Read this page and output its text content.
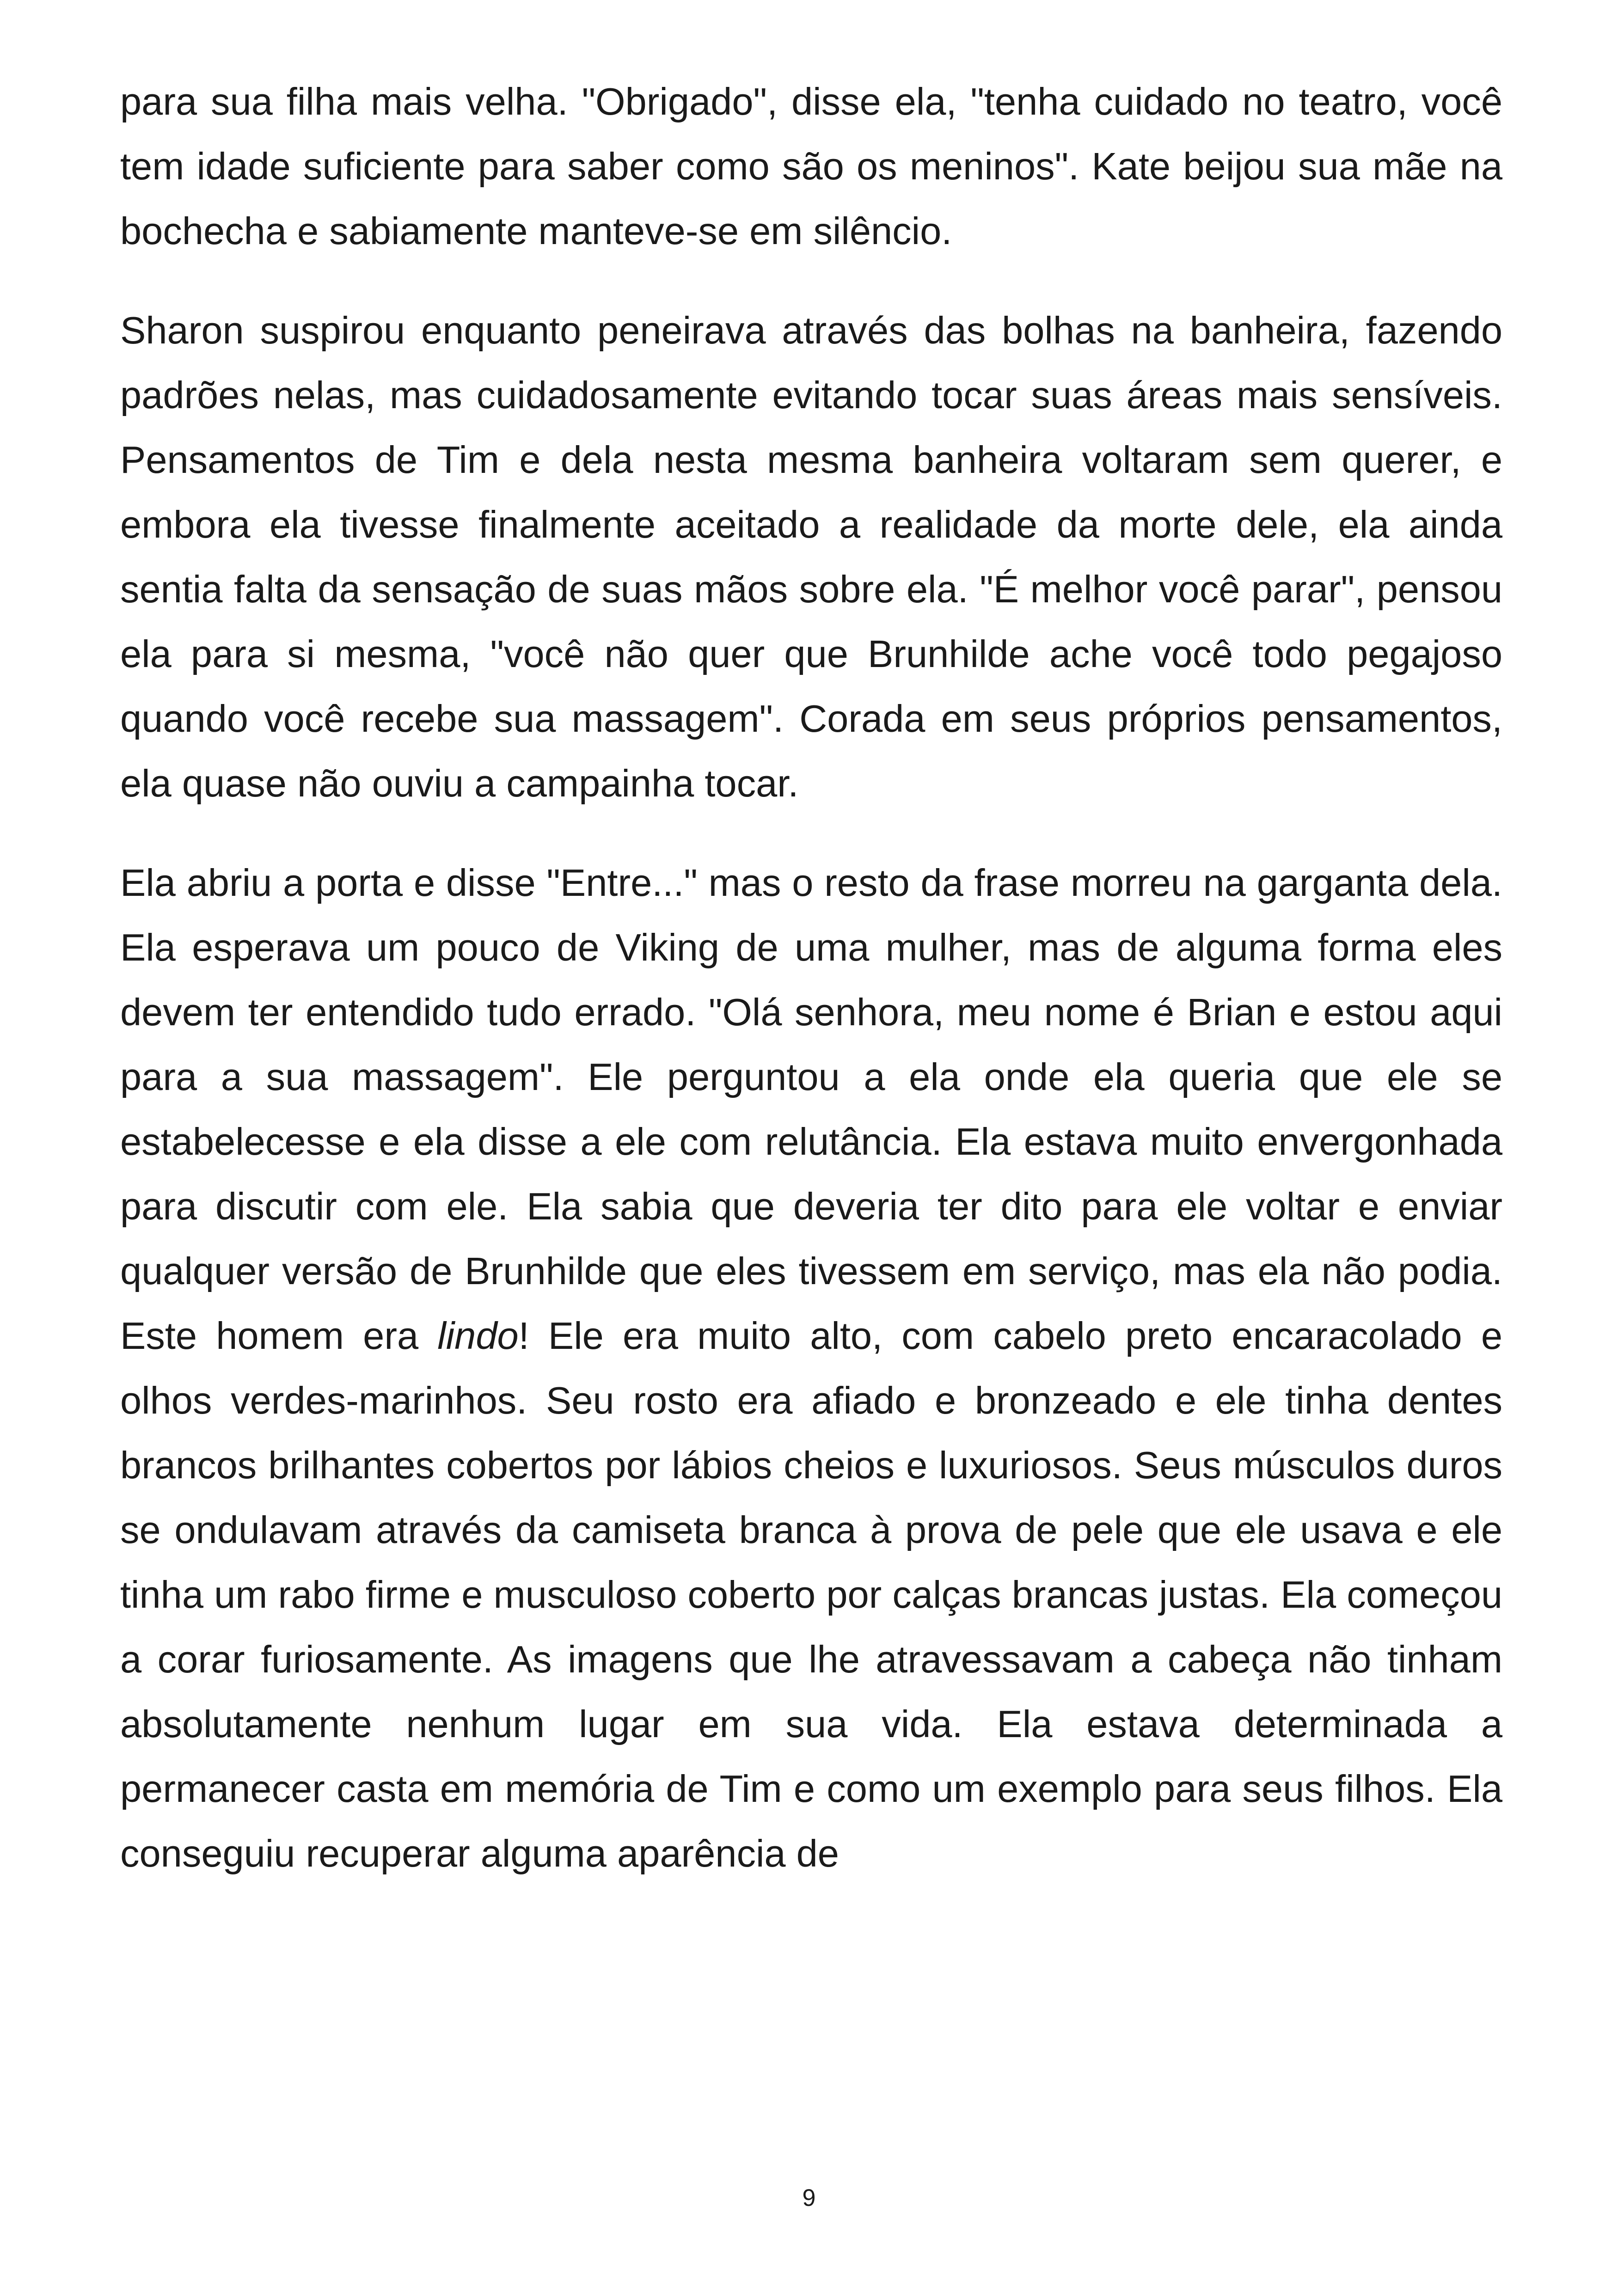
para sua filha mais velha. "Obrigado", disse ela, "tenha cuidado no teatro, você tem idade suficiente para saber como são os meninos". Kate beijou sua mãe na bochecha e sabiamente manteve-se em silêncio.

Sharon suspirou enquanto peneirava através das bolhas na banheira, fazendo padrões nelas, mas cuidadosamente evitando tocar suas áreas mais sensíveis. Pensamentos de Tim e dela nesta mesma banheira voltaram sem querer, e embora ela tivesse finalmente aceitado a realidade da morte dele, ela ainda sentia falta da sensação de suas mãos sobre ela. "É melhor você parar", pensou ela para si mesma, "você não quer que Brunhilde ache você todo pegajoso quando você recebe sua massagem". Corada em seus próprios pensamentos, ela quase não ouviu a campainha tocar.

Ela abriu a porta e disse "Entre..." mas o resto da frase morreu na garganta dela. Ela esperava um pouco de Viking de uma mulher, mas de alguma forma eles devem ter entendido tudo errado. "Olá senhora, meu nome é Brian e estou aqui para a sua massagem". Ele perguntou a ela onde ela queria que ele se estabelecesse e ela disse a ele com relutância. Ela estava muito envergonhada para discutir com ele. Ela sabia que deveria ter dito para ele voltar e enviar qualquer versão de Brunhilde que eles tivessem em serviço, mas ela não podia. Este homem era lindo! Ele era muito alto, com cabelo preto encaracolado e olhos verdes-marinhos. Seu rosto era afiado e bronzeado e ele tinha dentes brancos brilhantes cobertos por lábios cheios e luxuriosos. Seus músculos duros se ondulavam através da camiseta branca à prova de pele que ele usava e ele tinha um rabo firme e musculoso coberto por calças brancas justas. Ela começou a corar furiosamente. As imagens que lhe atravessavam a cabeça não tinham absolutamente nenhum lugar em sua vida. Ela estava determinada a permanecer casta em memória de Tim e como um exemplo para seus filhos. Ela conseguiu recuperar alguma aparência de

9
